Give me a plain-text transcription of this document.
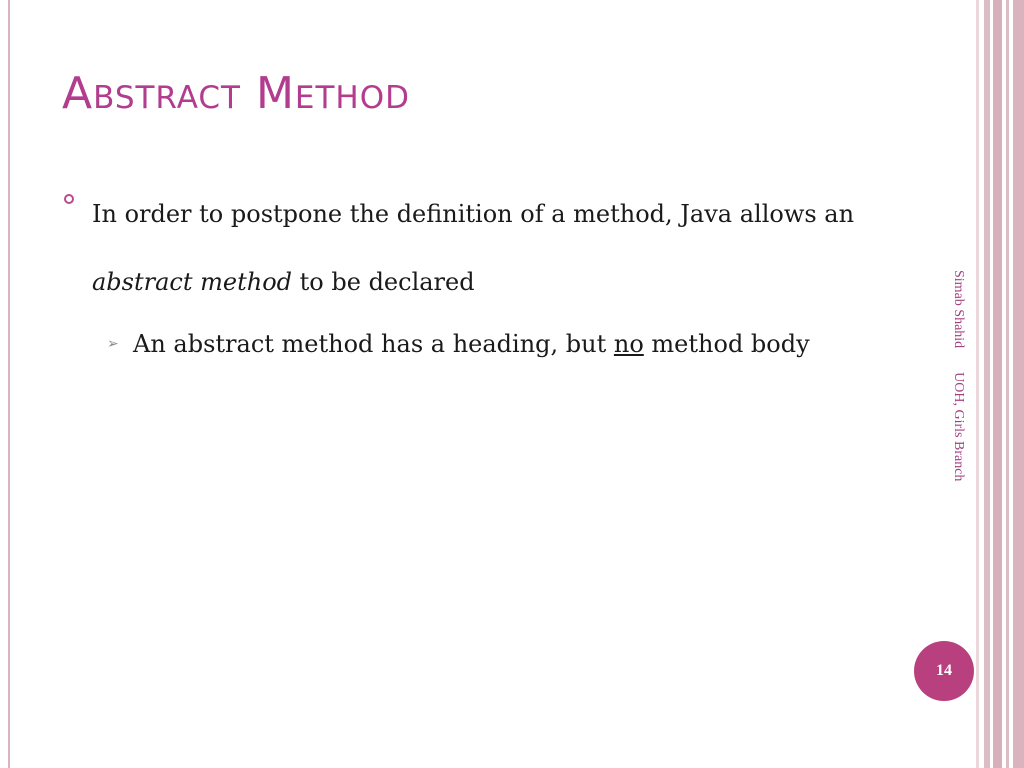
Abstract Method
In order to postpone the definition of a method, Java allows an abstract method to be declared
➢ An abstract method has a heading, but no method body	Simab ShahidUOH, Girls Branch
14
